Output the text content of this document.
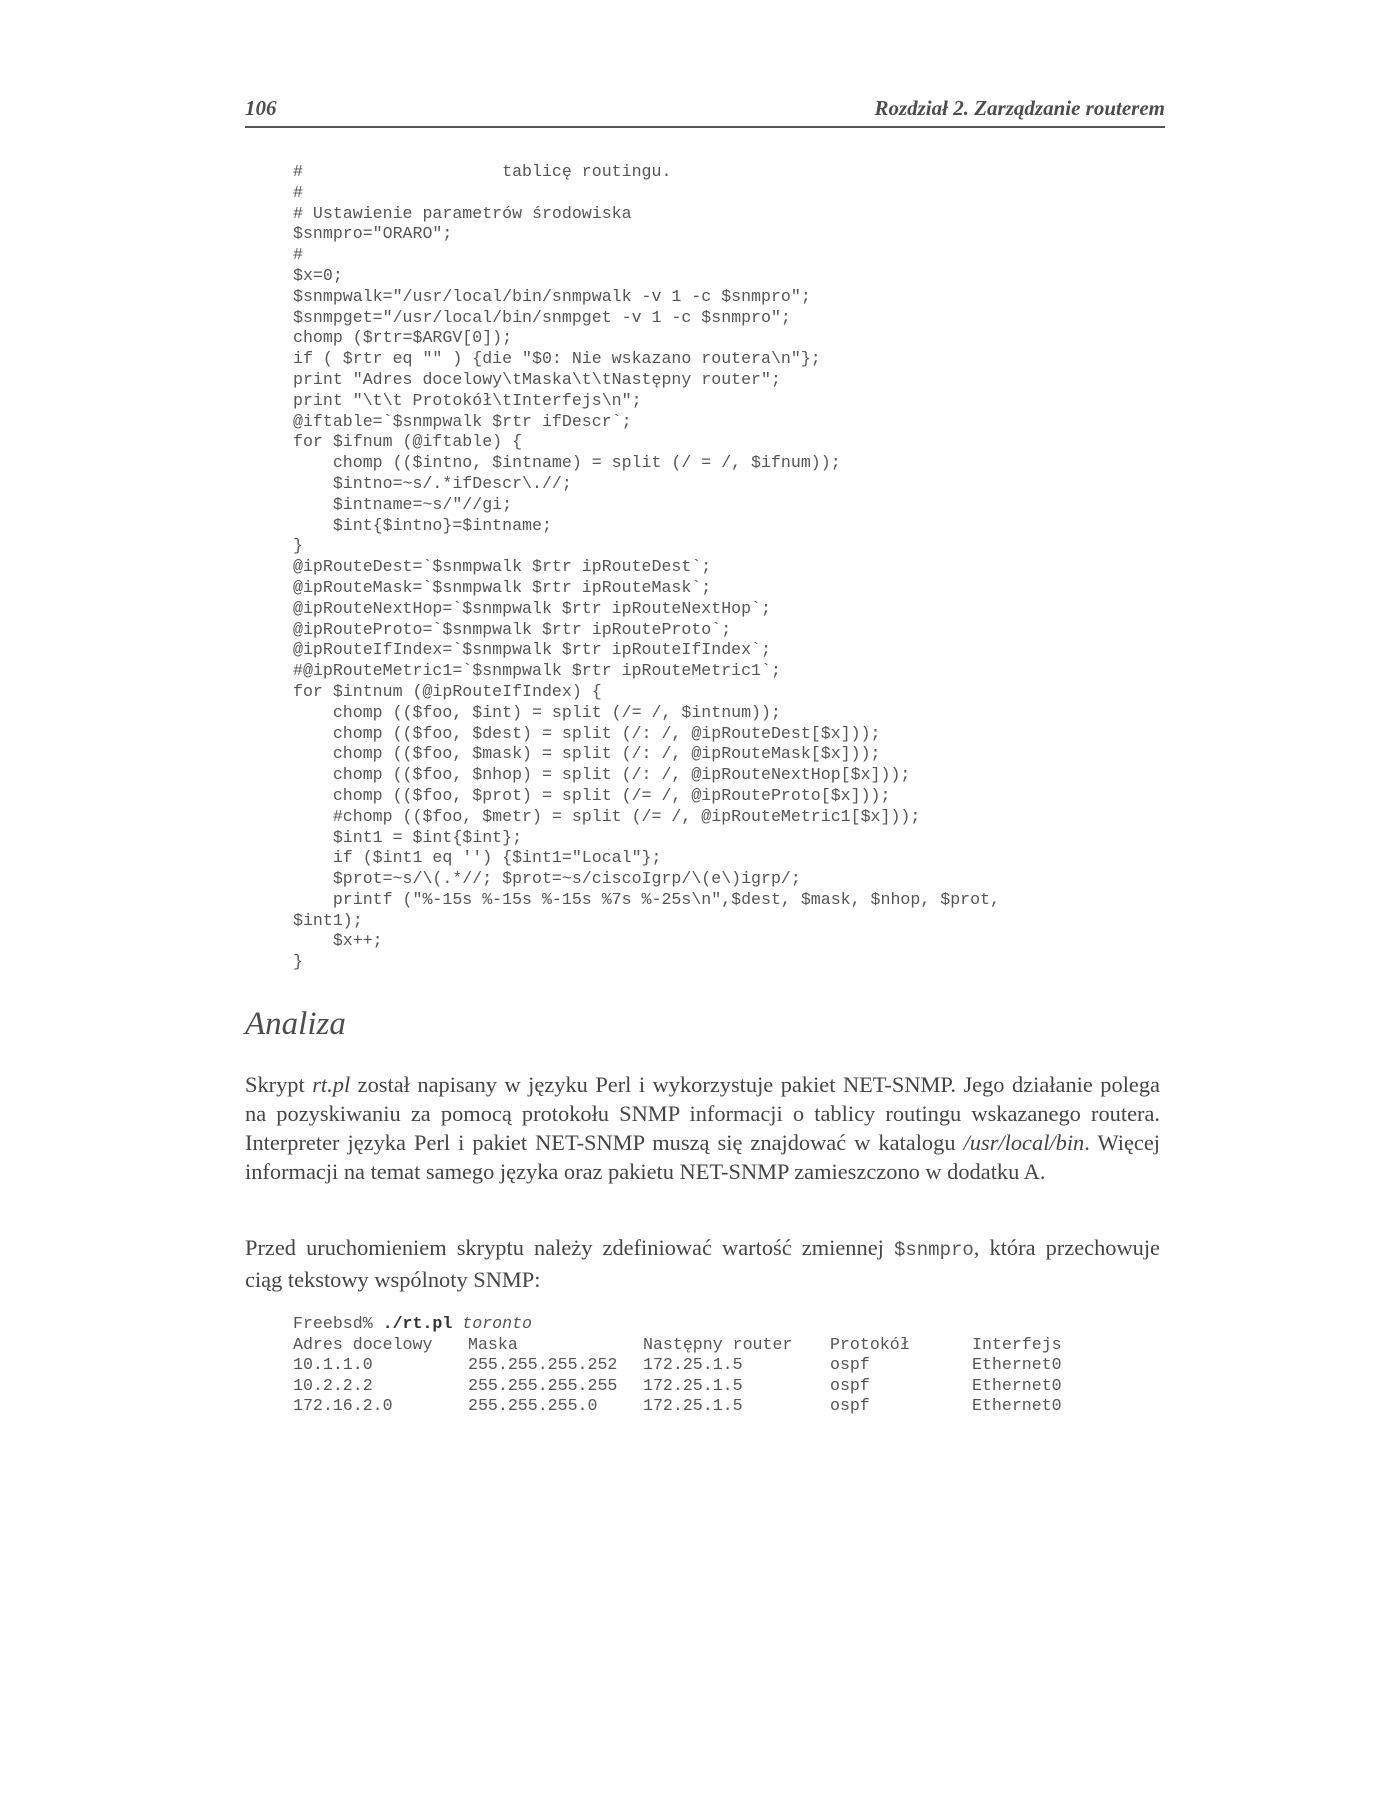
106	Rozdział 2. Zarządzanie routerem
#                    tablicę routingu.
#
# Ustawienie parametrów środowiska
$snmpro="ORARO";
#
$x=0;
$snmpwalk="/usr/local/bin/snmpwalk -v 1 -c $snmpro";
$snmpget="/usr/local/bin/snmpget -v 1 -c $snmpro";
chomp ($rtr=$ARGV[0]);
if ( $rtr eq "" ) {die "$0: Nie wskazano routera\n"};
print "Adres docelowy\tMaska\t\tNastępny router";
print "\t\t Protokół\tInterfejs\n";
@iftable=`$snmpwalk $rtr ifDescr`;
for $ifnum (@iftable) {
chomp (($intno, $intname) = split (/ = /, $ifnum));
$intno=~s/.*ifDescr\.//;
$intname=~s/"//gi;
$int{$intno}=$intname;
}
@ipRouteDest=`$snmpwalk $rtr ipRouteDest`;
@ipRouteMask=`$snmpwalk $rtr ipRouteMask`;
@ipRouteNextHop=`$snmpwalk $rtr ipRouteNextHop`;
@ipRouteProto=`$snmpwalk $rtr ipRouteProto`;
@ipRouteIfIndex=`$snmpwalk $rtr ipRouteIfIndex`;
#@ipRouteMetric1=`$snmpwalk $rtr ipRouteMetric1`;
for $intnum (@ipRouteIfIndex) {
chomp (($foo, $int) = split (/= /, $intnum));
chomp (($foo, $dest) = split (/: /, @ipRouteDest[$x]));
chomp (($foo, $mask) = split (/: /, @ipRouteMask[$x]));
chomp (($foo, $nhop) = split (/: /, @ipRouteNextHop[$x]));
chomp (($foo, $prot) = split (/= /, @ipRouteProto[$x]));
#chomp (($foo, $metr) = split (/= /, @ipRouteMetric1[$x]));
$int1 = $int{$int};
if ($int1 eq '') {$int1="Local"};
$prot=~s/\(.*//; $prot=~s/ciscoIgrp/\(e\)igrp/;
printf ("%-15s %-15s %-15s %7s %-25s\n",$dest, $mask, $nhop, $prot,
$int1);
$x++;
}
Analiza

Skrypt rt.pl został napisany w języku Perl i wykorzystuje pakiet NET-SNMP. Jego działanie polega na pozyskiwaniu za pomocą protokołu SNMP informacji o tablicy routingu wskazanego routera. Interpreter języka Perl i pakiet NET-SNMP muszą się znajdować w katalogu /usr/local/bin. Więcej informacji na temat samego języka oraz pakietu NET-SNMP zamieszczono w dodatku A.

Przed uruchomieniem skryptu należy zdefiniować wartość zmiennej $snmpro, która przechowuje ciąg tekstowy wspólnoty SNMP:

Freebsd% ./rt.pl toronto
Adres docelowy	Maska	Następny router	Protokół	Interfejs
10.1.1.0	255.255.255.252	172.25.1.5	ospf	Ethernet0
10.2.2.2	255.255.255.255	172.25.1.5	ospf	Ethernet0
172.16.2.0	255.255.255.0	172.25.1.5	ospf	Ethernet0
